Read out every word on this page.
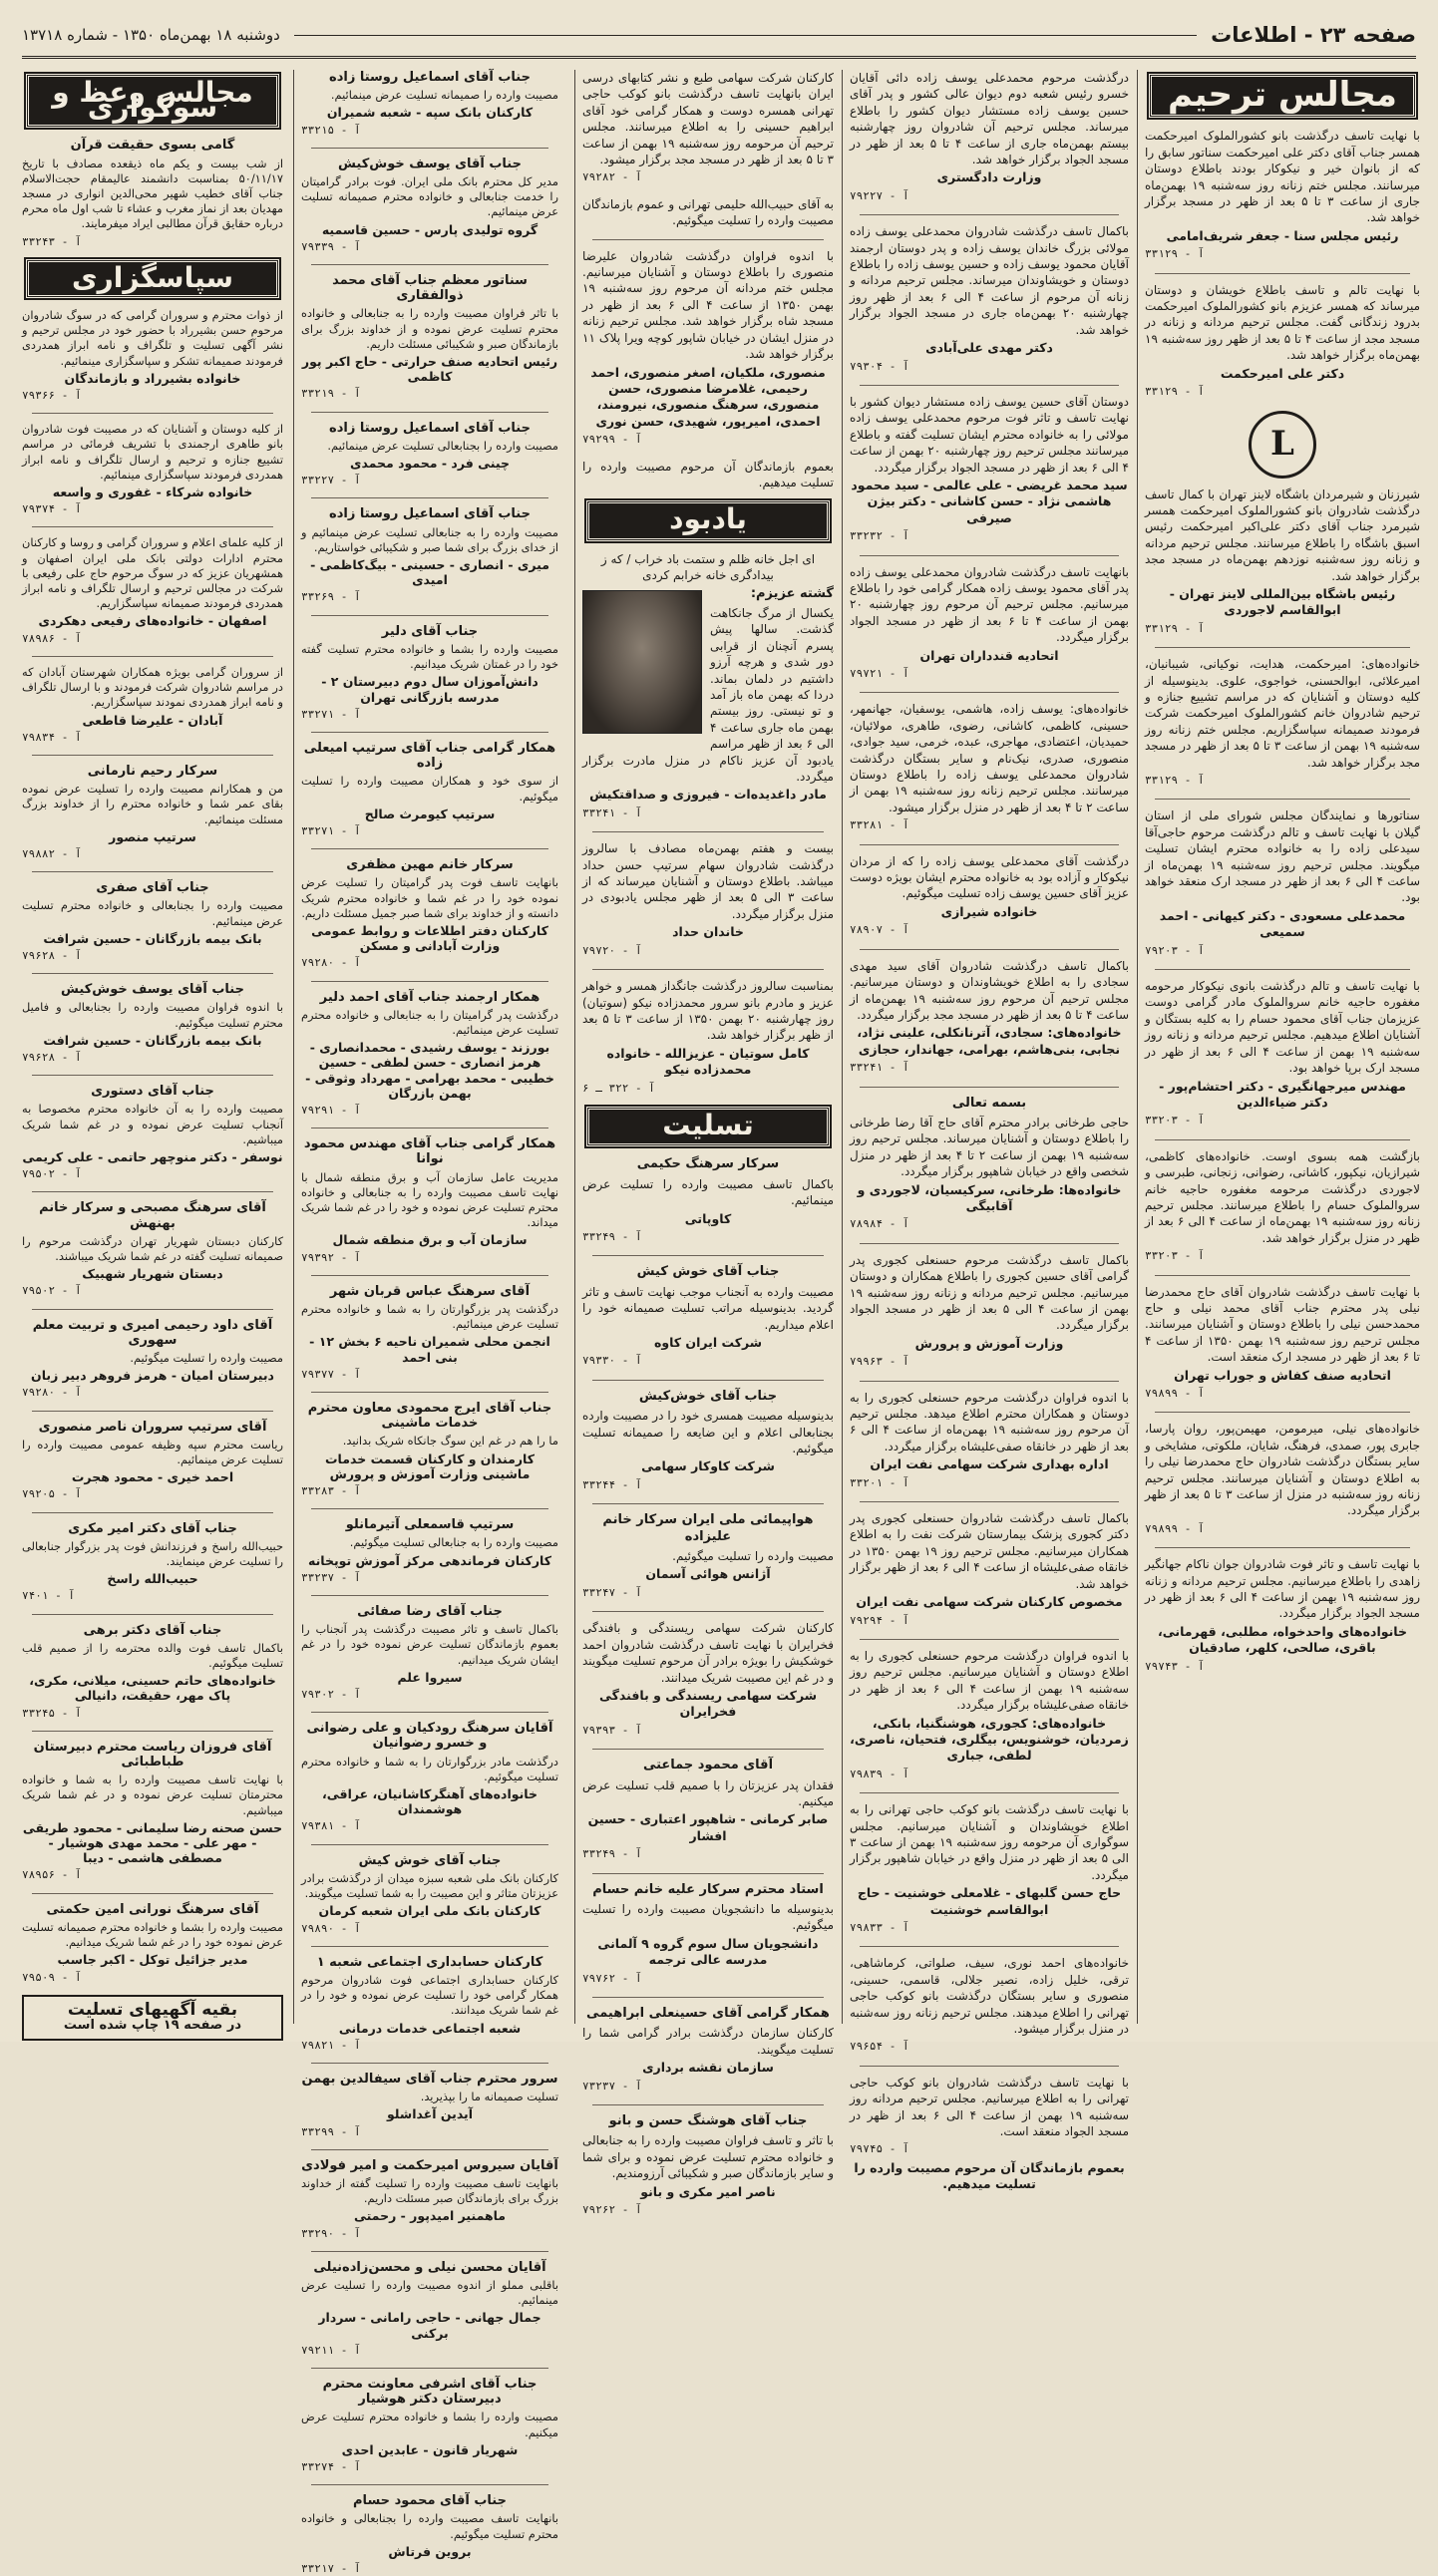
صفحه ۲۳ - اطلاعات
دوشنبه ۱۸ بهمن‌ماه ۱۳۵۰ - شماره ۱۳۷۱۸
مجالس ترحیم

با نهایت تاسف درگذشت بانو کشورالملوک امیرحکمت همسر جناب آقای دکتر علی امیرحکمت سناتور سابق را که از بانوان خیر و نیکوکار بودند باطلاع دوستان میرسانند. مجلس ختم زنانه روز سه‌شنبه ۱۹ بهمن‌ماه جاری از ساعت ۳ تا ۵ بعد از ظهر در مسجد برگزار خواهد شد.

رئیس مجلس سنا - جعفر شریف‌امامی
آ - ۳۳۱۲۹

با نهایت تالم و تاسف باطلاع خویشان و دوستان میرساند که همسر عزیزم بانو کشورالملوک امیرحکمت بدرود زندگانی گفت. مجلس ترحیم مردانه و زنانه در مسجد مجد از ساعت ۴ تا ۵ بعد از ظهر روز سه‌شنبه ۱۹ بهمن‌ماه برگزار خواهد شد.

دکتر علی امیرحکمت
آ - ۳۳۱۲۹
L

شیرزنان و شیرمردان باشگاه لاینز تهران با کمال تاسف درگذشت شادروان بانو کشورالملوک امیرحکمت همسر شیرمرد جناب آقای دکتر علی‌اکبر امیرحکمت رئیس اسبق باشگاه را باطلاع میرسانند. مجلس ترحیم مردانه و زنانه روز سه‌شنبه نوزدهم بهمن‌ماه در مسجد مجد برگزار خواهد شد.

رئیس باشگاه بین‌المللی لاینز تهران - ابوالقاسم لاجوردی
آ - ۳۳۱۲۹

خانواده‌های: امیرحکمت، هدایت، نوکیانی، شیبانیان، امیرعلائی، ابوالحسنی، خواجوی، علوی. بدینوسیله از کلیه دوستان و آشنایان که در مراسم تشییع جنازه و ترحیم شادروان خانم کشورالملوک امیرحکمت شرکت فرمودند صمیمانه سپاسگزاریم. مجلس ختم زنانه روز سه‌شنبه ۱۹ بهمن از ساعت ۳ تا ۵ بعد از ظهر در مسجد مجد برگزار خواهد شد.

آ - ۳۳۱۲۹

سناتورها و نمایندگان مجلس شورای ملی از استان گیلان با نهایت تاسف و تالم درگذشت مرحوم حاجی‌آقا سیدعلی زاده را به خانواده محترم ایشان تسلیت میگویند. مجلس ترحیم روز سه‌شنبه ۱۹ بهمن‌ماه از ساعت ۴ الی ۶ بعد از ظهر در مسجد ارک منعقد خواهد بود.

محمدعلی مسعودی - دکتر کیهانی - احمد سمیعی
آ - ۷۹۲۰۳

با نهایت تاسف و تالم درگذشت بانوی نیکوکار مرحومه مغفوره حاجیه خانم سروالملوک مادر گرامی دوست عزیزمان جناب آقای محمود حسام را به کلیه بستگان و آشنایان اطلاع میدهیم. مجلس ترحیم مردانه و زنانه روز سه‌شنبه ۱۹ بهمن از ساعت ۴ الی ۶ بعد از ظهر در مسجد ارک برپا خواهد بود.

مهندس میرجهانگیری - دکتر احتشام‌پور - دکتر ضیاءالدین
آ - ۳۳۲۰۳

بازگشت همه بسوی اوست. خانواده‌های کاظمی، شیرازیان، نیکپور، کاشانی، رضوانی، زنجانی، طبرسی و لاجوردی درگذشت مرحومه مغفوره حاجیه خانم سروالملوک حسام را باطلاع میرسانند. مجلس ترحیم زنانه روز سه‌شنبه ۱۹ بهمن‌ماه از ساعت ۴ الی ۶ بعد از ظهر در منزل برگزار خواهد شد.

آ - ۳۳۲۰۳

با نهایت تاسف درگذشت شادروان آقای حاج محمدرضا نیلی پدر محترم جناب آقای محمد نیلی و حاج محمدحسن نیلی را باطلاع دوستان و آشنایان میرسانند. مجلس ترحیم روز سه‌شنبه ۱۹ بهمن ۱۳۵۰ از ساعت ۴ تا ۶ بعد از ظهر در مسجد ارک منعقد است.

اتحادیه صنف کفاش و جوراب تهران
آ - ۷۹۸۹۹

خانواده‌های نیلی، میرمومن، مهیمن‌پور، روان پارسا، جابری پور، صمدی، فرهنگ، شایان، ملکوتی، مشایخی و سایر بستگان درگذشت شادروان حاج محمدرضا نیلی را به اطلاع دوستان و آشنایان میرسانند. مجلس ترحیم زنانه روز سه‌شنبه در منزل از ساعت ۳ تا ۵ بعد از ظهر برگزار میگردد.

آ - ۷۹۸۹۹

با نهایت تاسف و تاثر فوت شادروان جوان ناکام جهانگیر زاهدی را باطلاع میرسانیم. مجلس ترحیم مردانه و زنانه روز سه‌شنبه ۱۹ بهمن از ساعت ۴ الی ۶ بعد از ظهر در مسجد الجواد برگزار میگردد.

خانواده‌های واحدخواه، مطلبی، قهرمانی، باقری، صالحی، کلهر، صادقیان
آ - ۷۹۷۴۳

درگذشت مرحوم محمدعلی یوسف زاده دائی آقایان خسرو رئیس شعبه دوم دیوان عالی کشور و پدر آقای حسین یوسف زاده مستشار دیوان کشور را باطلاع میرساند. مجلس ترحیم آن شادروان روز چهارشنبه بیستم بهمن‌ماه جاری از ساعت ۴ تا ۵ بعد از ظهر در مسجد الجواد برگزار خواهد شد.

وزارت دادگستری
آ - ۷۹۲۲۷

باکمال تاسف درگذشت شادروان محمدعلی یوسف زاده مولائی بزرگ خاندان یوسف زاده و پدر دوستان ارجمند آقایان محمود یوسف زاده و حسین یوسف زاده را باطلاع دوستان و خویشاوندان میرساند. مجلس ترحیم مردانه و زنانه آن مرحوم از ساعت ۴ الی ۶ بعد از ظهر روز چهارشنبه ۲۰ بهمن‌ماه جاری در مسجد الجواد برگزار خواهد شد.

دکتر مهدی علی‌آبادی
آ - ۷۹۳۰۴

دوستان آقای حسین یوسف زاده مستشار دیوان کشور با نهایت تاسف و تاثر فوت مرحوم محمدعلی یوسف زاده مولائی را به خانواده محترم ایشان تسلیت گفته و باطلاع میرسانند مجلس ترحیم روز چهارشنبه ۲۰ بهمن از ساعت ۴ الی ۶ بعد از ظهر در مسجد الجواد برگزار میگردد.

سید محمد غریضی - علی عالمی - سید محمود هاشمی نژاد - حسن کاشانی - دکتر بیژن صیرفی
آ - ۳۳۲۳۲

بانهایت تاسف درگذشت شادروان محمدعلی یوسف زاده پدر آقای محمود یوسف زاده همکار گرامی خود را باطلاع میرسانیم. مجلس ترحیم آن مرحوم روز چهارشنبه ۲۰ بهمن از ساعت ۴ تا ۶ بعد از ظهر در مسجد الجواد برگزار میگردد.

اتحادیه قندداران تهران
آ - ۷۹۷۲۱

خانواده‌های: یوسف زاده، هاشمی، یوسفیان، جهانمهر، حسینی، کاظمی، کاشانی، رضوی، طاهری، مولائیان، حمیدیان، اعتضادی، مهاجری، عبده، خرمی، سید جوادی، منصوری، صدری، نیک‌نام و سایر بستگان درگذشت شادروان محمدعلی یوسف زاده را باطلاع دوستان میرسانند. مجلس ترحیم زنانه روز سه‌شنبه ۱۹ بهمن از ساعت ۲ تا ۴ بعد از ظهر در منزل برگزار میشود.

آ - ۳۳۲۸۱

درگذشت آقای محمدعلی یوسف زاده را که از مردان نیکوکار و آزاده بود به خانواده محترم ایشان بویژه دوست عزیز آقای حسین یوسف زاده تسلیت میگوئیم.

خانواده شیرازی
آ - ۷۸۹۰۷

باکمال تاسف درگذشت شادروان آقای سید مهدی سجادی را به اطلاع خویشاوندان و دوستان میرسانیم. مجلس ترحیم آن مرحوم روز سه‌شنبه ۱۹ بهمن‌ماه از ساعت ۴ تا ۵ بعد از ظهر در مسجد مجد برگزار میگردد.

خانواده‌های: سجادی، آترنانکلی، علینی نژاد، نجابی، بنی‌هاشم، بهرامی، جهاندار، حجازی
آ - ۳۳۲۴۱
بسمه تعالی

حاجی طرخانی برادر محترم آقای حاج آقا رضا طرخانی را باطلاع دوستان و آشنایان میرساند. مجلس ترحیم روز سه‌شنبه ۱۹ بهمن از ساعت ۲ تا ۴ بعد از ظهر در منزل شخصی واقع در خیابان شاهپور برگزار میگردد.

خانواده‌ها: طرخانی، سرکیسیان، لاجوردی و آقابیگی
آ - ۷۸۹۸۴

باکمال تاسف درگذشت مرحوم حسنعلی کجوری پدر گرامی آقای حسین کجوری را باطلاع همکاران و دوستان میرسانیم. مجلس ترحیم مردانه و زنانه روز سه‌شنبه ۱۹ بهمن از ساعت ۴ الی ۵ بعد از ظهر در مسجد الجواد برگزار میگردد.

وزارت آموزش و پرورش
آ - ۷۹۹۶۳

با اندوه فراوان درگذشت مرحوم حسنعلی کجوری را به دوستان و همکاران محترم اطلاع میدهد. مجلس ترحیم آن مرحوم روز سه‌شنبه ۱۹ بهمن‌ماه از ساعت ۴ الی ۶ بعد از ظهر در خانقاه صفی‌علیشاه برگزار میگردد.

اداره بهداری شرکت سهامی نفت ایران
آ - ۳۳۲۰۱

باکمال تاسف درگذشت شادروان حسنعلی کجوری پدر دکتر کجوری پزشک بیمارستان شرکت نفت را به اطلاع همکاران میرسانیم. مجلس ترحیم روز ۱۹ بهمن ۱۳۵۰ در خانقاه صفی‌علیشاه از ساعت ۴ الی ۶ بعد از ظهر برگزار خواهد شد.

مخصوص کارکنان شرکت سهامی نفت ایران
آ - ۷۹۲۹۴

با اندوه فراوان درگذشت مرحوم حسنعلی کجوری را به اطلاع دوستان و آشنایان میرسانیم. مجلس ترحیم روز سه‌شنبه ۱۹ بهمن از ساعت ۴ الی ۶ بعد از ظهر در خانقاه صفی‌علیشاه برگزار میگردد.

خانواده‌های: کجوری، هوشنگنیا، بانکی، زمردیان، خوشنویس، بیگلری، فتحیان، ناصری، لطفی، جباری
آ - ۷۹۸۳۹

با نهایت تاسف درگذشت بانو کوکب حاجی تهرانی را به اطلاع خویشاوندان و آشنایان میرسانیم. مجلس سوگواری آن مرحومه روز سه‌شنبه ۱۹ بهمن از ساعت ۳ الی ۵ بعد از ظهر در منزل واقع در خیابان شاهپور برگزار میگردد.

حاج حسن گلبهای - غلامعلی خوشنیت - حاج ابوالقاسم خوشنیت
آ - ۷۹۸۳۳

خانواده‌های احمد نوری، سیف، صلواتی، کرماشاهی، ترقی، خلیل زاده، نصیر جلالی، قاسمی، حسینی، منصوری و سایر بستگان درگذشت بانو کوکب حاجی تهرانی را اطلاع میدهند. مجلس ترحیم زنانه روز سه‌شنبه در منزل برگزار میشود.

آ - ۷۹۶۵۴

با نهایت تاسف درگذشت شادروان بانو کوکب حاجی تهرانی را به اطلاع میرسانیم. مجلس ترحیم مردانه روز سه‌شنبه ۱۹ بهمن از ساعت ۴ الی ۶ بعد از ظهر در مسجد الجواد منعقد است.

آ - ۷۹۷۴۵
بعموم بازماندگان آن مرحوم مصیبت وارده را تسلیت میدهیم.

کارکنان شرکت سهامی طبع و نشر کتابهای درسی ایران بانهایت تاسف درگذشت بانو کوکب حاجی تهرانی همسره دوست و همکار گرامی خود آقای ابراهیم حسینی را به اطلاع میرسانند. مجلس ترحیم آن مرحومه روز سه‌شنبه ۱۹ بهمن از ساعت ۳ تا ۵ بعد از ظهر در مسجد مجد برگزار میشود.

آ - ۷۹۲۸۲

به آقای حبیب‌الله حلیمی تهرانی و عموم بازماندگان مصیبت وارده را تسلیت میگوئیم.

با اندوه فراوان درگذشت شادروان علیرضا منصوری را باطلاع دوستان و آشنایان میرسانیم. مجلس ختم مردانه آن مرحوم روز سه‌شنبه ۱۹ بهمن ۱۳۵۰ از ساعت ۴ الی ۶ بعد از ظهر در مسجد شاه برگزار خواهد شد. مجلس ترحیم زنانه در منزل ایشان در خیابان شاپور کوچه ویرا پلاک ۱۱ برگزار خواهد شد.

منصوری، ملکیان، اصغر منصوری، احمد رحیمی، غلامرضا منصوری، حسن منصوری، سرهنگ منصوری، نیرومند، احمدی، امیرپور، شهیدی، حسن نوری
آ - ۷۹۲۹۹

بعموم بازماندگان آن مرحوم مصیبت وارده را تسلیت میدهیم.

یادبود

ای اجل خانه ظلم و ستمت باد خراب / که ز بیدادگری خانه خرابم کردی

گشته عزیزم:

یکسال از مرگ جانکاهت گذشت. سالها پیش پسرم آنچنان از قرابی دور شدی و هرچه آرزو داشتیم در دلمان بماند. دردا که بهمن ماه باز آمد و تو نیستی. روز بیستم بهمن ماه جاری ساعت ۴ الی ۶ بعد از ظهر مراسم یادبود آن عزیز ناکام در منزل مادرت برگزار میگردد.

مادر داغدیده‌ات - فیروزی و صداقتکیش
آ - ۳۳۲۴۱

بیست و هفتم بهمن‌ماه مصادف با سالروز درگذشت شادروان سهام سرتیپ حسن حداد میباشد. باطلاع دوستان و آشنایان میرساند که از ساعت ۳ الی ۵ بعد از ظهر مجلس یادبودی در منزل برگزار میگردد.

خاندان حداد
آ - ۷۹۷۲۰

بمناسبت سالروز درگذشت جانگداز همسر و خواهر عزیز و مادرم بانو سرور محمدزاده نیکو (سوتیان) روز چهارشنبه ۲۰ بهمن ۱۳۵۰ از ساعت ۳ تا ۵ بعد از ظهر برگزار خواهد شد.

کامل سوتیان - عزیزالله - خانواده محمدزاده نیکو
آ - ۳۲۲ ـ ۶
تسلیت
سرکار سرهنگ حکیمی

باکمال تاسف مصیبت وارده را تسلیت عرض مینمائیم.

کاوپاتی
آ - ۳۳۲۴۹
جناب آقای خوش کیش

مصیبت وارده به آنجناب موجب نهایت تاسف و تاثر گردید. بدینوسیله مراتب تسلیت صمیمانه خود را اعلام میداریم.

شرکت ایران کاوه
آ - ۷۹۳۳۰
جناب آقای خوش‌کیش

بدینوسیله مصیبت همسری خود را در مصیبت وارده بجنابعالی اعلام و این ضایعه را صمیمانه تسلیت میگوئیم.

شرکت کاوکار سهامی
آ - ۳۳۲۴۴
هواپیمائی ملی ایران سرکار خانم علیزاده

مصیبت وارده را تسلیت میگوئیم.

آژانس هوائی آسمان
آ - ۳۳۲۴۷

کارکنان شرکت سهامی ریسندگی و بافندگی فخرایران با نهایت تاسف درگذشت شادروان احمد خوشکیش را بویژه برادر آن مرحوم تسلیت میگویند و در غم این مصیبت شریک میدانند.

شرکت سهامی ریسندگی و بافندگی فخرایران
آ - ۷۹۳۹۳
آقای محمود جماعتی

فقدان پدر عزیزتان را با صمیم قلب تسلیت عرض میکنیم.

صابر کرمانی - شاهپور اعتباری - حسین افشار
آ - ۳۳۲۴۹
استاد محترم سرکار علیه خانم حسام

بدینوسیله ما دانشجویان مصیبت وارده را تسلیت میگوئیم.

دانشجویان سال سوم گروه ۹ آلمانی مدرسه عالی ترجمه
آ - ۷۹۷۶۲
همکار گرامی آقای حسینعلی ابراهیمی

کارکنان سازمان درگذشت برادر گرامی شما را تسلیت میگویند.

سازمان نقشه برداری
آ - ۷۳۲۳۷
جناب آقای هوشنگ حسن و بانو

با تاثر و تاسف فراوان مصیبت وارده را به جنابعالی و خانواده محترم تسلیت عرض نموده و برای شما و سایر بازماندگان صبر و شکیبائی آرزومندیم.

ناصر امیر مکری و بانو
آ - ۷۹۲۶۲
جناب آقای اسماعیل روستا زاده

مصیبت وارده را صمیمانه تسلیت عرض مینمائیم.

کارکنان بانک سپه - شعبه شمیران
آ - ۳۳۲۱۵
جناب آقای یوسف خوش‌کیش

مدیر کل محترم بانک ملی ایران. فوت برادر گرامیتان را خدمت جنابعالی و خانواده محترم صمیمانه تسلیت عرض مینمائیم.

گروه تولیدی پارس - حسین قاسمیه
آ - ۷۹۳۳۹
سناتور معظم جناب آقای محمد ذوالفقاری

با تاثر فراوان مصیبت وارده را به جنابعالی و خانواده محترم تسلیت عرض نموده و از خداوند بزرگ برای بازماندگان صبر و شکیبائی مسئلت داریم.

رئیس اتحادیه صنف حرارتی - حاج اکبر پور کاظمی
آ - ۳۳۲۱۹
جناب آقای اسماعیل روستا زاده

مصیبت وارده را بجنابعالی تسلیت عرض مینمائیم.

چینی فرد - محمود محمدی
آ - ۳۳۲۲۷
جناب آقای اسماعیل روستا زاده

مصیبت وارده را به جنابعالی تسلیت عرض مینمائیم و از خدای بزرگ برای شما صبر و شکیبائی خواستاریم.

میری - انصاری - حسینی - بیگ‌کاظمی - امیدی
آ - ۳۳۲۶۹
جناب آقای دلیر

مصیبت وارده را بشما و خانواده محترم تسلیت گفته خود را در غمتان شریک میدانیم.

دانش‌آموزان سال دوم دبیرستان ۲ - مدرسه بازرگانی تهران
آ - ۳۳۲۷۱
همکار گرامی جناب آقای سرتیپ امیعلی زاده

از سوی خود و همکاران مصیبت وارده را تسلیت میگوئیم.

سرتیپ کیومرث صالح
آ - ۳۳۲۷۱
سرکار خانم مهین مظفری

بانهایت تاسف فوت پدر گرامیتان را تسلیت عرض نموده خود را در غم شما و خانواده محترم شریک دانسته و از خداوند برای شما صبر جمیل مسئلت داریم.

کارکنان دفتر اطلاعات و روابط عمومی وزارت آبادانی و مسکن
آ - ۷۹۲۸۰
همکار ارجمند جناب آقای احمد دلیر

درگذشت پدر گرامیتان را به جنابعالی و خانواده محترم تسلیت عرض مینمائیم.

بورزند - یوسف رشیدی - محمدانصاری - هرمز انصاری - حسن لطفی - حسین خطیبی - محمد بهرامی - مهرداد وثوقی - بهمن بازرگان
آ - ۷۹۲۹۱
همکار گرامی جناب آقای مهندس محمود نوانا

مدیریت عامل سازمان آب و برق منطقه شمال با نهایت تاسف مصیبت وارده را به جنابعالی و خانواده محترم تسلیت عرض نموده و خود را در غم شما شریک میداند.

سازمان آب و برق منطقه شمال
آ - ۷۹۳۹۲
آقای سرهنگ عباس قربان شهر

درگذشت پدر بزرگوارتان را به شما و خانواده محترم تسلیت عرض مینمائیم.

انجمن محلی شمیران ناحیه ۶ بخش ۱۲ - بنی احمد
آ - ۷۹۳۷۷
جناب آقای ایرج محمودی معاون محترم خدمات ماشینی

ما را هم در غم این سوگ جانکاه شریک بدانید.

کارمندان و کارکنان قسمت خدمات ماشینی وزارت آموزش و پرورش
آ - ۳۳۲۸۳
سرتیپ قاسمعلی آتیرمانلو

مصیبت وارده را به جنابعالی تسلیت میگوئیم.

کارکنان فرماندهی مرکز آموزش توپخانه
آ - ۳۳۲۳۷
جناب آقای رضا صفائی

باکمال تاسف و تاثر مصیبت درگذشت پدر آنجناب را بعموم بازماندگان تسلیت عرض نموده خود را در غم ایشان شریک میدانیم.

سیروا علم
آ - ۷۹۳۰۲
آقایان سرهنگ رودکیان و علی رضوانی و خسرو رضوانیان

درگذشت مادر بزرگوارتان را به شما و خانواده محترم تسلیت میگوئیم.

خانواده‌های آهنگرکاشانیان، عراقی، هوشمندان
آ - ۷۹۳۸۱
جناب آقای خوش کیش

کارکنان بانک ملی شعبه سبزه میدان از درگذشت برادر عزیزتان متاثر و این مصیبت را به شما تسلیت میگویند.

کارکنان بانک ملی ایران شعبه کرمان
آ - ۷۹۸۹۰
کارکنان حسابداری اجتماعی شعبه ۱

کارکنان حسابداری اجتماعی فوت شادروان مرحوم همکار گرامی خود را تسلیت عرض نموده و خود را در غم شما شریک میدانند.

شعبه اجتماعی خدمات درمانی
آ - ۷۹۸۲۱
سرور محترم جناب آقای سیفالدین بهمن

تسلیت صمیمانه ما را بپذیرید.

آیدین آغداشلو
آ - ۳۳۲۹۹
آقایان سیروس امیرحکمت و امیر فولادی

بانهایت تاسف مصیبت وارده را تسلیت گفته از خداوند بزرگ برای بازماندگان صبر مسئلت داریم.

ماهمنیر امیدپور - رحمتی
آ - ۳۳۲۹۰
آقایان محسن نیلی و محسن‌زاده‌نیلی

باقلبی مملو از اندوه مصیبت وارده را تسلیت عرض مینمائیم.

جمال جهانی - حاجی رامانی - سردار برکنی
آ - ۷۹۲۱۱
جناب آقای اشرفی معاونت محترم دبیرستان دکتر هوشیار

مصیبت وارده را بشما و خانواده محترم تسلیت عرض میکنیم.

شهریار قانون - عابدین احدی
آ - ۳۳۲۷۴
جناب آقای محمود حسام

بانهایت تاسف مصیبت وارده را بجنابعالی و خانواده محترم تسلیت میگوئیم.

بروین فرتاش
آ - ۳۳۲۱۷
مجالس وعظ و سوگواری
گامی بسوی حقیقت قرآن

از شب بیست و یکم ماه ذیقعده مصادف با تاریخ ۵۰/۱۱/۱۷ بمناسبت دانشمند عالیمقام حجت‌الاسلام جناب آقای خطیب شهیر محی‌الدین انواری در مسجد مهدیان بعد از نماز مغرب و عشاء تا شب اول ماه محرم درباره حقایق قرآن مطالبی ایراد میفرمایند.

آ - ۳۳۲۴۳
سپاسگزاری

از ذوات محترم و سروران گرامی که در سوگ شادروان مرحوم حسن بشیرراد با حضور خود در مجلس ترحیم و نشر آگهی تسلیت و تلگراف و نامه ابراز همدردی فرمودند صمیمانه تشکر و سپاسگزاری مینمائیم.

خانواده بشیرراد و بازماندگان
آ - ۷۹۳۶۶

از کلیه دوستان و آشنایان که در مصیبت فوت شادروان بانو طاهری ارجمندی با تشریف فرمائی در مراسم تشییع جنازه و ترحیم و ارسال تلگراف و نامه ابراز همدردی فرمودند سپاسگزاری مینمائیم.

خانواده شرکاء - غفوری و واسعه
آ - ۷۹۳۷۴

از کلیه علمای اعلام و سروران گرامی و روسا و کارکنان محترم ادارات دولتی بانک ملی ایران اصفهان و همشهریان عزیز که در سوگ مرحوم حاج علی رفیعی با شرکت در مجالس ترحیم و ارسال تلگراف و نامه ابراز همدردی فرمودند صمیمانه سپاسگزاریم.

اصفهان - خانواده‌های رفیعی دهکردی
آ - ۷۸۹۸۶

از سروران گرامی بویژه همکاران شهرستان آبادان که در مراسم شادروان شرکت فرمودند و با ارسال تلگراف و نامه ابراز همدردی نمودند سپاسگزاریم.

آبادان - علیرضا قاطعی
آ - ۷۹۸۳۴
سرکار رحیم نارمانی

من و همکارانم مصیبت وارده را تسلیت عرض نموده بقای عمر شما و خانواده محترم را از خداوند بزرگ مسئلت مینمائیم.

سرتیپ منصور
آ - ۷۹۸۸۲
جناب آقای صفری

مصیبت وارده را بجنابعالی و خانواده محترم تسلیت عرض مینمائیم.

بانک بیمه بازرگانان - حسین شرافت
آ - ۷۹۶۲۸
جناب آقای یوسف خوش‌کیش

با اندوه فراوان مصیبت وارده را بجنابعالی و فامیل محترم تسلیت میگوئیم.

بانک بیمه بازرگانان - حسین شرافت
آ - ۷۹۶۲۸
جناب آقای دستوری

مصیبت وارده را به آن خانواده محترم مخصوصا به آنجناب تسلیت عرض نموده و در غم شما شریک میباشیم.

نوسفر - دکتر منوچهر حاتمی - علی کریمی
آ - ۷۹۵۰۲
آقای سرهنگ مصبحی و سرکار خانم بهنهش

کارکنان دبستان شهریار تهران درگذشت مرحوم را صمیمانه تسلیت گفته در غم شما شریک میباشند.

دبستان شهریار شهبیک
آ - ۷۹۵۰۲
آقای داود رحیمی امیری و تربیت معلم سهوری

مصیبت وارده را تسلیت میگوئیم.

دبیرستان امیان - هرمز فروهر دبیر زبان
آ - ۷۹۲۸۰
آقای سرتیپ سروران ناصر منصوری

ریاست محترم سپه وظیفه عمومی مصیبت وارده را تسلیت عرض مینمائیم.

احمد خیری - محمود هجرت
آ - ۷۹۲۰۵
جناب آقای دکتر امیر مکری

حبیب‌الله راسخ و فرزندانش فوت پدر بزرگوار جنابعالی را تسلیت عرض مینمایند.

حبیب‌الله راسخ
آ - ۷۴۰۱
جناب آقای دکتر برهی

باکمال تاسف فوت والده محترمه را از صمیم قلب تسلیت میگوئیم.

خانواده‌های حاتم حسینی، میلانی، مکری، پاک مهر، حقیقت، دانیالی
آ - ۳۳۲۴۵
آقای فروزان ریاست محترم دبیرستان طباطبائی

با نهایت تاسف مصیبت وارده را به شما و خانواده محترمتان تسلیت عرض نموده و در غم شما شریک میباشیم.

حسن صحنه رضا سلیمانی - محمود طریقی - مهر علی - محمد مهدی هوشیار - مصطفی هاشمی - دیبا
آ - ۷۸۹۵۶
آقای سرهنگ نورانی امین حکمتی

مصیبت وارده را بشما و خانواده محترم صمیمانه تسلیت عرض نموده خود را در غم شما شریک میدانیم.

مدیر جزائیل توکل - اکبر جاسب
آ - ۷۹۵۰۹
بقیه آگهیهای تسلیت
در صفحه ۱۹ چاپ شده است
